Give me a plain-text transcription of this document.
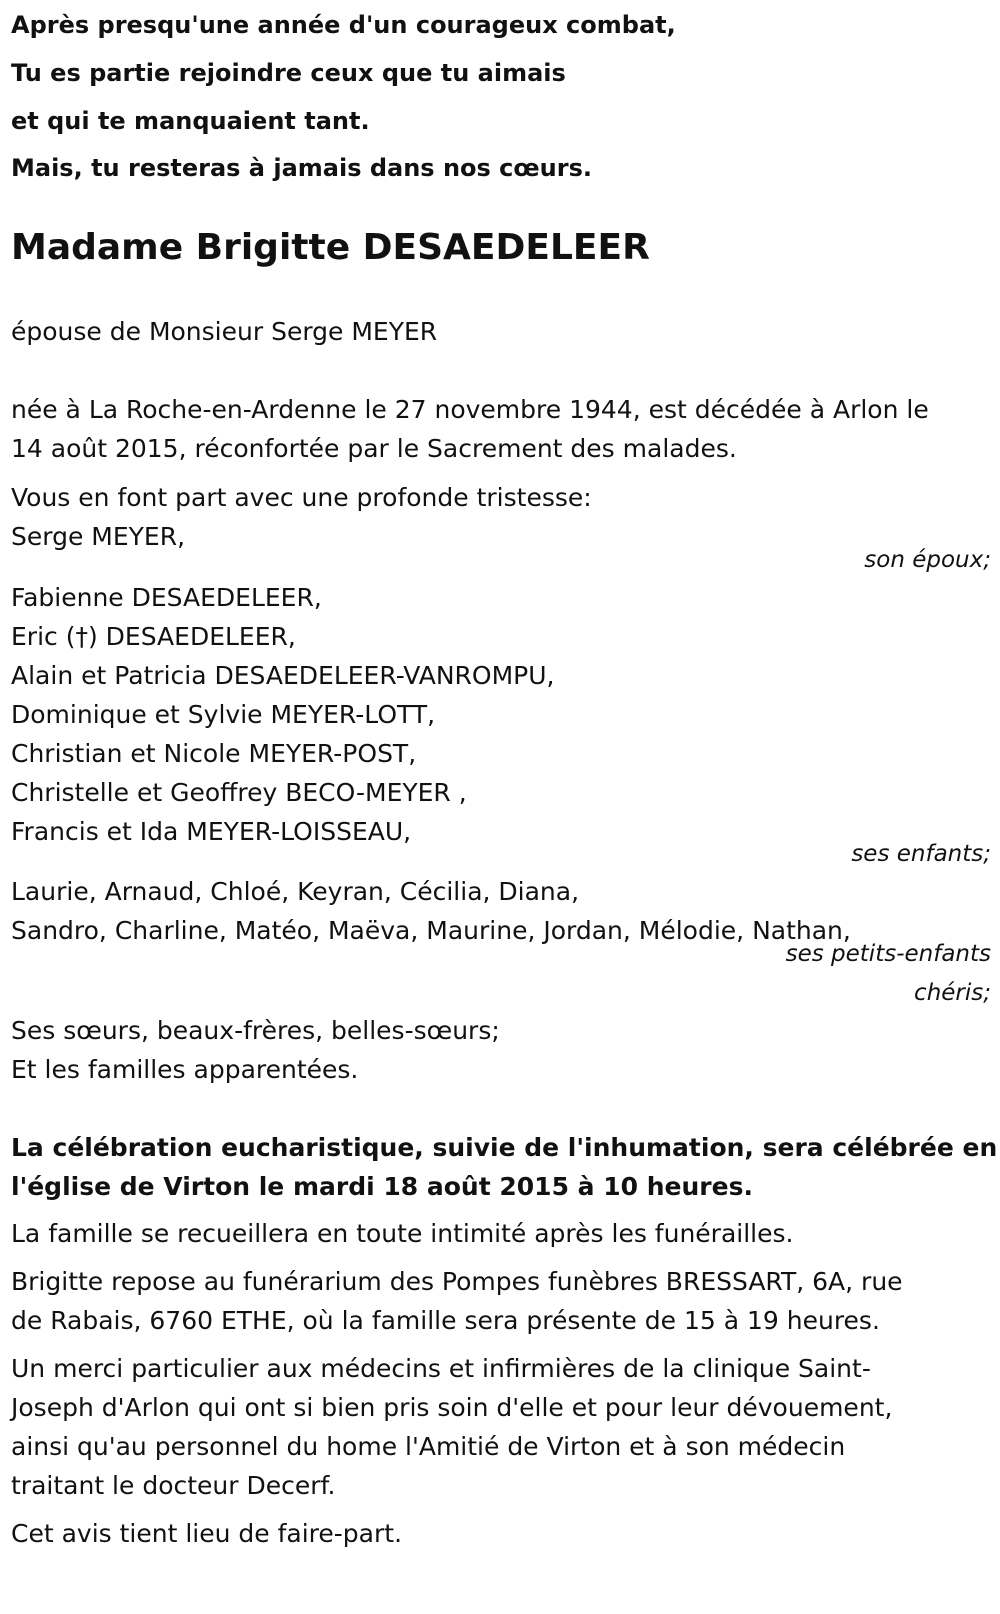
Après presqu'une année d'un courageux combat,
Tu es partie rejoindre ceux que tu aimais
et qui te manquaient tant.
Mais, tu resteras à jamais dans nos cœurs.
Madame Brigitte DESAEDELEER
épouse de Monsieur Serge MEYER
née à La Roche-en-Ardenne le 27 novembre 1944, est décédée à Arlon le
14 août 2015, réconfortée par le Sacrement des malades.
Vous en font part avec une profonde tristesse:
Serge MEYER,
son époux;
Fabienne DESAEDELEER,
Eric (†) DESAEDELEER,
Alain et Patricia DESAEDELEER-VANROMPU,
Dominique et Sylvie MEYER-LOTT,
Christian et Nicole MEYER-POST,
Christelle et Geoffrey BECO-MEYER ,
Francis et Ida MEYER-LOISSEAU,
ses enfants;
Laurie, Arnaud, Chloé, Keyran, Cécilia, Diana,
Sandro, Charline, Matéo, Maëva, Maurine, Jordan, Mélodie, Nathan,
ses petits-enfants
chéris;
Ses sœurs, beaux-frères, belles-sœurs;
Et les familles apparentées.
La célébration eucharistique, suivie de l'inhumation, sera célébrée en
l'église de Virton le mardi 18 août 2015 à 10 heures.
La famille se recueillera en toute intimité après les funérailles.
Brigitte repose au funérarium des Pompes funèbres BRESSART, 6A, rue
de Rabais, 6760 ETHE, où la famille sera présente de 15 à 19 heures.
Un merci particulier aux médecins et infirmières de la clinique Saint-
Joseph d'Arlon qui ont si bien pris soin d'elle et pour leur dévouement,
ainsi qu'au personnel du home l'Amitié de Virton et à son médecin
traitant le docteur Decerf.
Cet avis tient lieu de faire-part.
